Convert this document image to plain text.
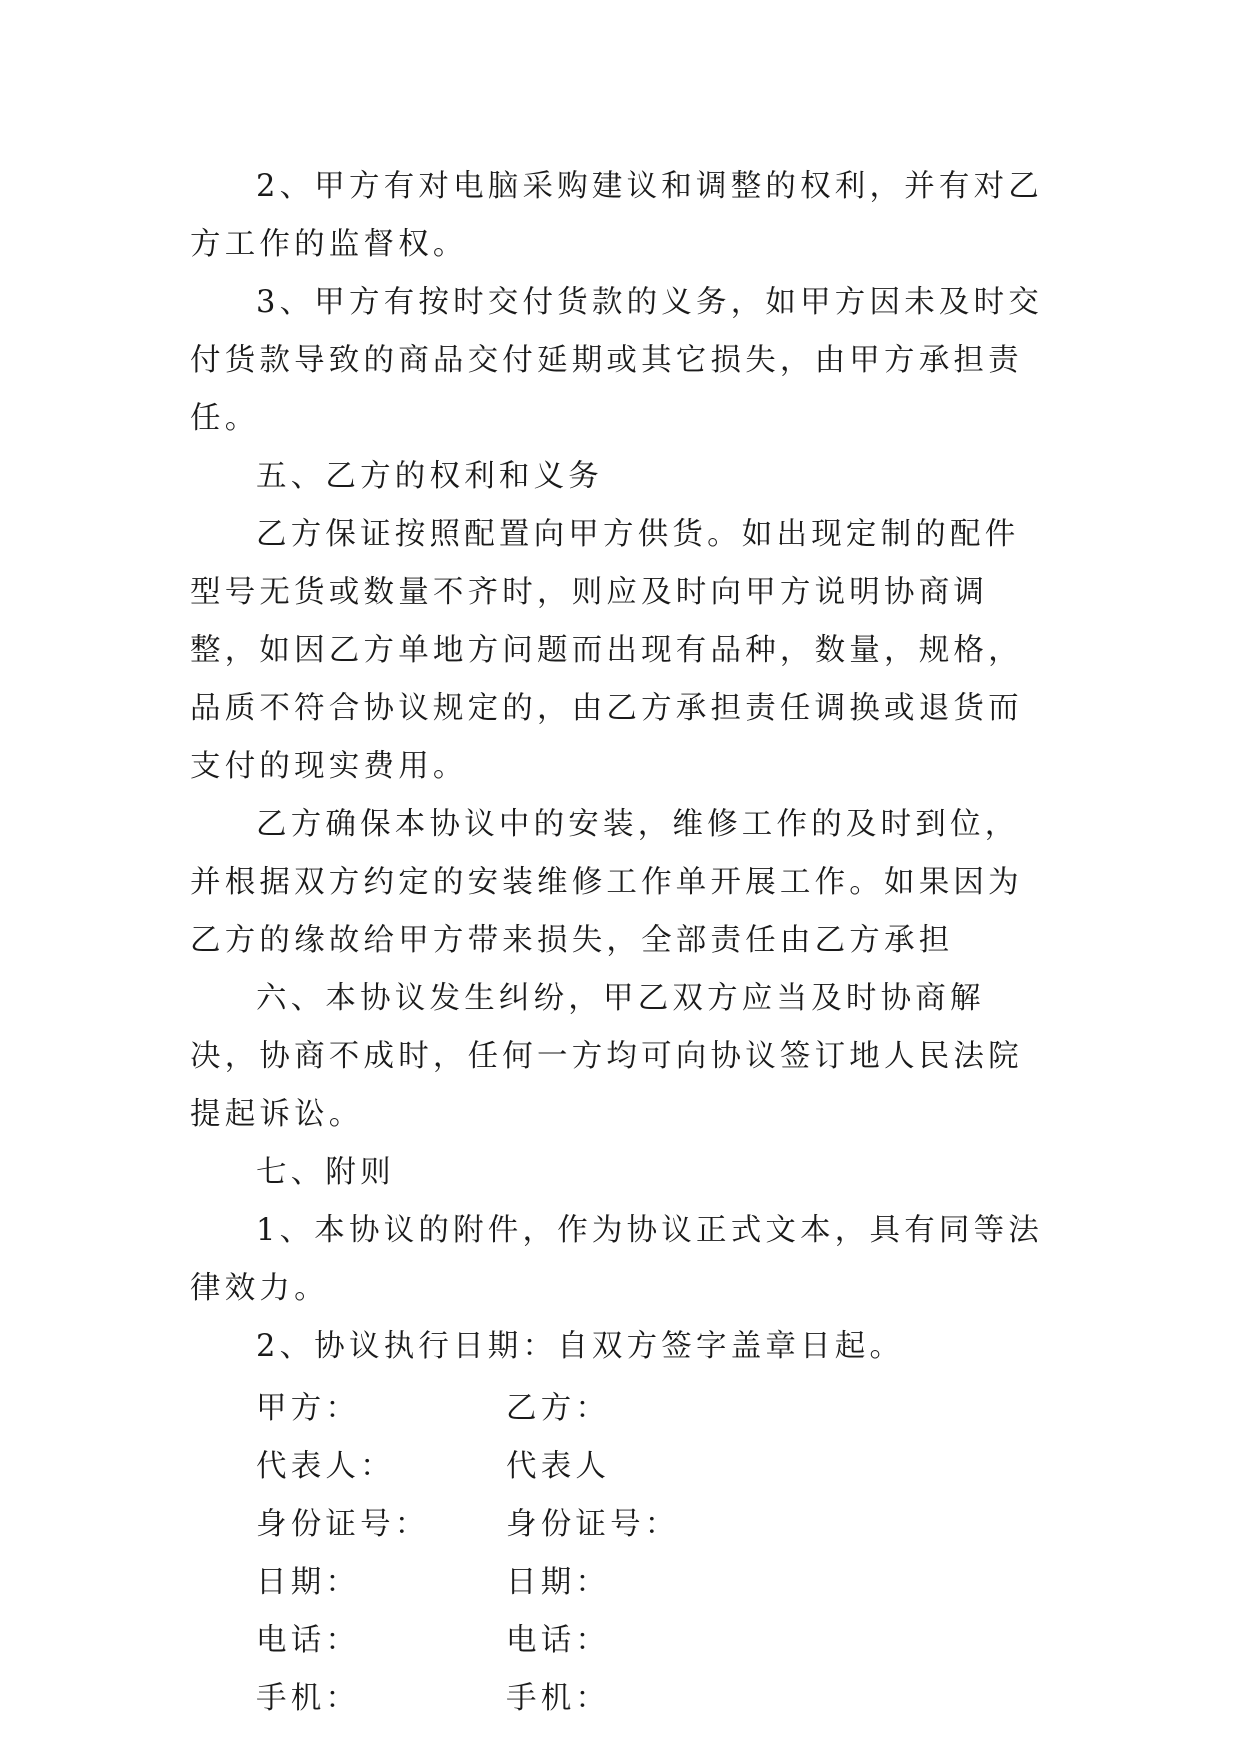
2、甲方有对电脑采购建议和调整的权利，并有对乙方工作的监督权。

3、甲方有按时交付货款的义务，如甲方因未及时交付货款导致的商品交付延期或其它损失，由甲方承担责任。

五、乙方的权利和义务

乙方保证按照配置向甲方供货。如出现定制的配件型号无货或数量不齐时，则应及时向甲方说明协商调整，如因乙方单地方问题而出现有品种，数量，规格，品质不符合协议规定的，由乙方承担责任调换或退货而支付的现实费用。

乙方确保本协议中的安装，维修工作的及时到位，并根据双方约定的安装维修工作单开展工作。如果因为乙方的缘故给甲方带来损失，全部责任由乙方承担

六、本协议发生纠纷，甲乙双方应当及时协商解决，协商不成时，任何一方均可向协议签订地人民法院提起诉讼。

七、附则

1、本协议的附件，作为协议正式文本，具有同等法律效力。

2、协议执行日期：自双方签字盖章日起。

甲方：	乙方：
代表人：	代表人
身份证号：	身份证号：
日期：	日期：
电话：	电话：
手机：	手机：
